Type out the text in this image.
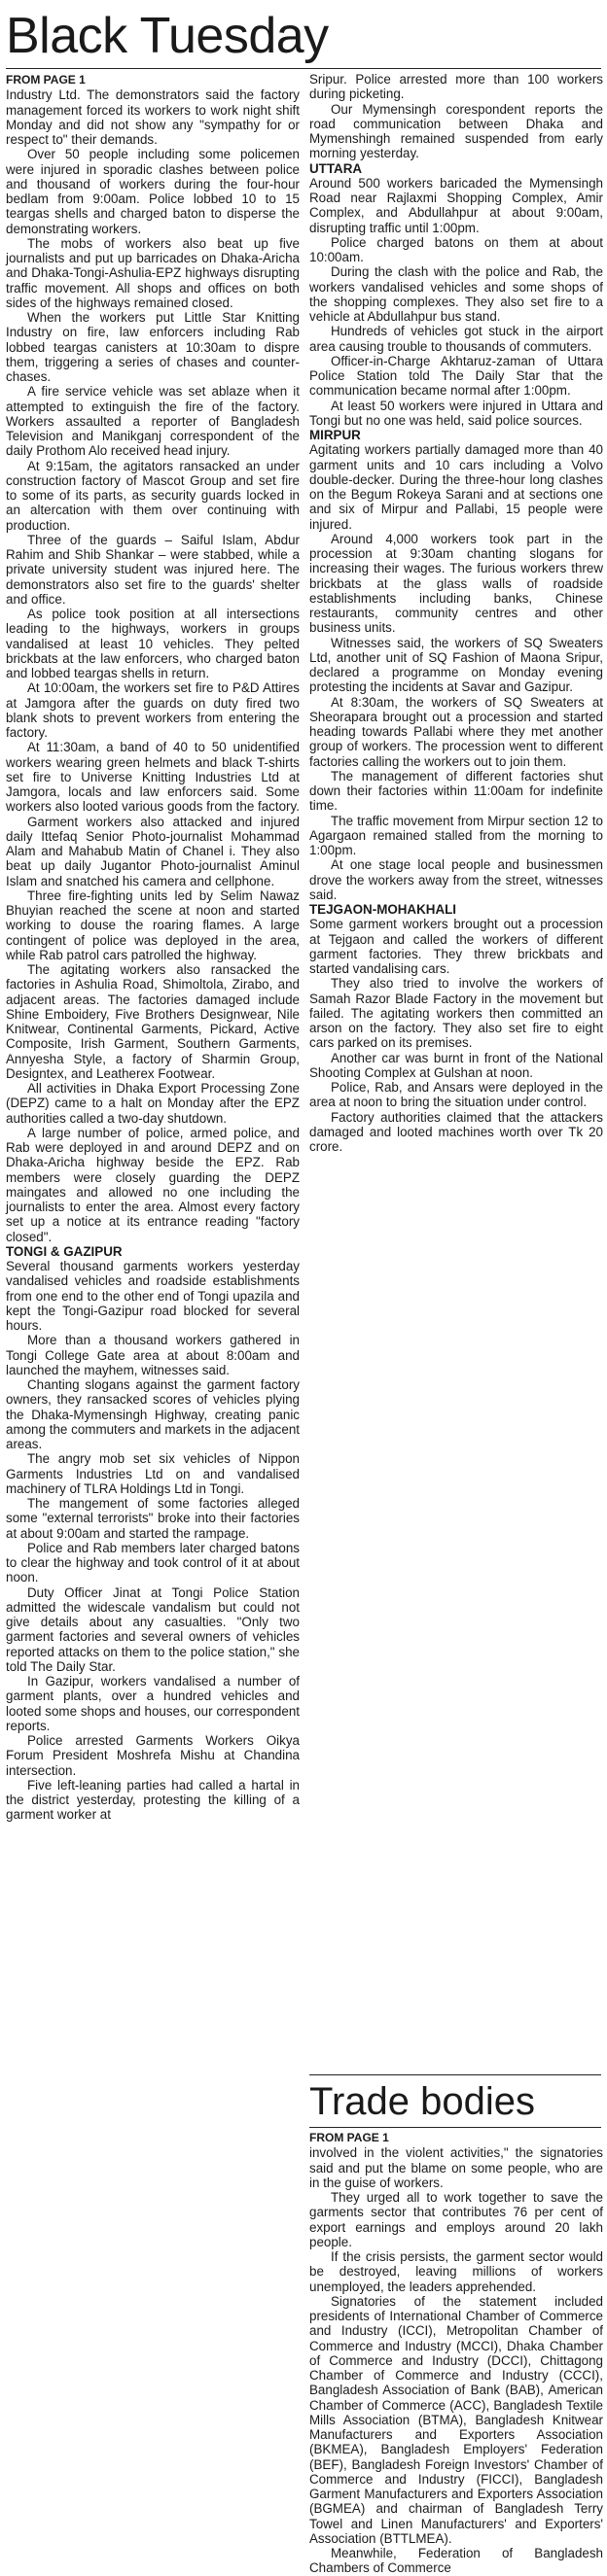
Black Tuesday

FROM PAGE 1

Industry Ltd. The demonstrators said the factory management forced its workers to work night shift Monday and did not show any "sympathy for or respect to" their demands.

Over 50 people including some policemen were injured in sporadic clashes between police and thousand of workers during the four-hour bedlam from 9:00am. Police lobbed 10 to 15 teargas shells and charged baton to disperse the demonstrating workers.

The mobs of workers also beat up five journalists and put up barricades on Dhaka-Aricha and Dhaka-Tongi-Ashulia-EPZ highways disrupting traffic movement. All shops and offices on both sides of the highways remained closed.

When the workers put Little Star Knitting Industry on fire, law enforcers including Rab lobbed teargas canisters at 10:30am to dispre them, triggering a series of chases and counter-chases.

A fire service vehicle was set ablaze when it attempted to extinguish the fire of the factory. Workers assaulted a reporter of Bangladesh Television and Manikganj correspondent of the daily Prothom Alo received head injury.

At 9:15am, the agitators ransacked an under construction factory of Mascot Group and set fire to some of its parts, as security guards locked in an altercation with them over continuing with production.

Three of the guards – Saiful Islam, Abdur Rahim and Shib Shankar – were stabbed, while a private university student was injured here. The demonstrators also set fire to the guards' shelter and office.

As police took position at all intersections leading to the highways, workers in groups vandalised at least 10 vehicles. They pelted brickbats at the law enforcers, who charged baton and lobbed teargas shells in return.

At 10:00am, the workers set fire to P&D Attires at Jamgora after the guards on duty fired two blank shots to prevent workers from entering the factory.

At 11:30am, a band of 40 to 50 unidentified workers wearing green helmets and black T-shirts set fire to Universe Knitting Industries Ltd at Jamgora, locals and law enforcers said. Some workers also looted various goods from the factory.

Garment workers also attacked and injured daily Ittefaq Senior Photo-journalist Mohammad Alam and Mahabub Matin of Chanel i. They also beat up daily Jugantor Photo-journalist Aminul Islam and snatched his camera and cellphone.

Three fire-fighting units led by Selim Nawaz Bhuyian reached the scene at noon and started working to douse the roaring flames. A large contingent of police was deployed in the area, while Rab patrol cars patrolled the highway.

The agitating workers also ransacked the factories in Ashulia Road, Shimoltola, Zirabo, and adjacent areas. The factories damaged include Shine Emboidery, Five Brothers Designwear, Nile Knitwear, Continental Garments, Pickard, Active Composite, Irish Garment, Southern Garments, Annyesha Style, a factory of Sharmin Group, Designtex, and Leatherex Footwear.

All activities in Dhaka Export Processing Zone (DEPZ) came to a halt on Monday after the EPZ authorities called a two-day shutdown.

A large number of police, armed police, and Rab were deployed in and around DEPZ and on Dhaka-Aricha highway beside the EPZ. Rab members were closely guarding the DEPZ maingates and allowed no one including the journalists to enter the area. Almost every factory set up a notice at its entrance reading "factory closed".

TONGI & GAZIPUR

Several thousand garments workers yesterday vandalised vehicles and roadside establishments from one end to the other end of Tongi upazila and kept the Tongi-Gazipur road blocked for several hours.

More than a thousand workers gathered in Tongi College Gate area at about 8:00am and launched the mayhem, witnesses said.

Chanting slogans against the garment factory owners, they ransacked scores of vehicles plying the Dhaka-Mymensingh Highway, creating panic among the commuters and markets in the adjacent areas.

The angry mob set six vehicles of Nippon Garments Industries Ltd on and vandalised machinery of TLRA Holdings Ltd in Tongi.

The mangement of some factories alleged some "external terrorists" broke into their factories at about 9:00am and started the rampage.

Police and Rab members later charged batons to clear the highway and took control of it at about noon.

Duty Officer Jinat at Tongi Police Station admitted the widescale vandalism but could not give details about any casualties. "Only two garment factories and several owners of vehicles reported attacks on them to the police station," she told The Daily Star.

In Gazipur, workers vandalised a number of garment plants, over a hundred vehicles and looted some shops and houses, our correspondent reports.

Police arrested Garments Workers Oikya Forum President Moshrefa Mishu at Chandina intersection.

Five left-leaning parties had called a hartal in the district yesterday, protesting the killing of a garment worker at

Sripur. Police arrested more than 100 workers during picketing.

Our Mymensingh corespondent reports the road communication between Dhaka and Mymenshingh remained suspended from early morning yesterday.

UTTARA

Around 500 workers baricaded the Mymensingh Road near Rajlaxmi Shopping Complex, Amir Complex, and Abdullahpur at about 9:00am, disrupting traffic until 1:00pm.

Police charged batons on them at about 10:00am.

During the clash with the police and Rab, the workers vandalised vehicles and some shops of the shopping complexes. They also set fire to a vehicle at Abdullahpur bus stand.

Hundreds of vehicles got stuck in the airport area causing trouble to thousands of commuters.

Officer-in-Charge Akhtaruz-zaman of Uttara Police Station told The Daily Star that the communication became normal after 1:00pm.

At least 50 workers were injured in Uttara and Tongi but no one was held, said police sources.

MIRPUR

Agitating workers partially damaged more than 40 garment units and 10 cars including a Volvo double-decker. During the three-hour long clashes on the Begum Rokeya Sarani and at sections one and six of Mirpur and Pallabi, 15 people were injured.

Around 4,000 workers took part in the procession at 9:30am chanting slogans for increasing their wages. The furious workers threw brickbats at the glass walls of roadside establishments including banks, Chinese restaurants, community centres and other business units.

Witnesses said, the workers of SQ Sweaters Ltd, another unit of SQ Fashion of Maona Sripur, declared a programme on Monday evening protesting the incidents at Savar and Gazipur.

At 8:30am, the workers of SQ Sweaters at Sheorapara brought out a procession and started heading towards Pallabi where they met another group of workers. The procession went to different factories calling the workers out to join them.

The management of different factories shut down their factories within 11:00am for indefinite time.

The traffic movement from Mirpur section 12 to Agargaon remained stalled from the morning to 1:00pm.

At one stage local people and businessmen drove the workers away from the street, witnesses said.

TEJGAON-MOHAKHALI

Some garment workers brought out a procession at Tejgaon and called the workers of different garment factories. They threw brickbats and started vandalising cars.

They also tried to involve the workers of Samah Razor Blade Factory in the movement but failed. The agitating workers then committed an arson on the factory. They also set fire to eight cars parked on its premises.

Another car was burnt in front of the National Shooting Complex at Gulshan at noon.

Police, Rab, and Ansars were deployed in the area at noon to bring the situation under control.

Factory authorities claimed that the attackers damaged and looted machines worth over Tk 20 crore.

Trade bodies

FROM PAGE 1

involved in the violent activities," the signatories said and put the blame on some people, who are in the guise of workers.

They urged all to work together to save the garments sector that contributes 76 per cent of export earnings and employs around 20 lakh people.

If the crisis persists, the garment sector would be destroyed, leaving millions of workers unemployed, the leaders apprehended.

Signatories of the statement included presidents of International Chamber of Commerce and Industry (ICCI), Metropolitan Chamber of Commerce and Industry (MCCI), Dhaka Chamber of Commerce and Industry (DCCI), Chittagong Chamber of Commerce and Industry (CCCI), Bangladesh Association of Bank (BAB), American Chamber of Commerce (ACC), Bangladesh Textile Mills Association (BTMA), Bangladesh Knitwear Manufacturers and Exporters Association (BKMEA), Bangladesh Employers' Federation (BEF), Bangladesh Foreign Investors' Chamber of Commerce and Industry (FICCI), Bangladesh Garment Manufacturers and Exporters Association (BGMEA) and chairman of Bangladesh Terry Towel and Linen Manufacturers' and Exporters' Association (BTTLMEA).

Meanwhile, Federation of Bangladesh Chambers of Commerce
